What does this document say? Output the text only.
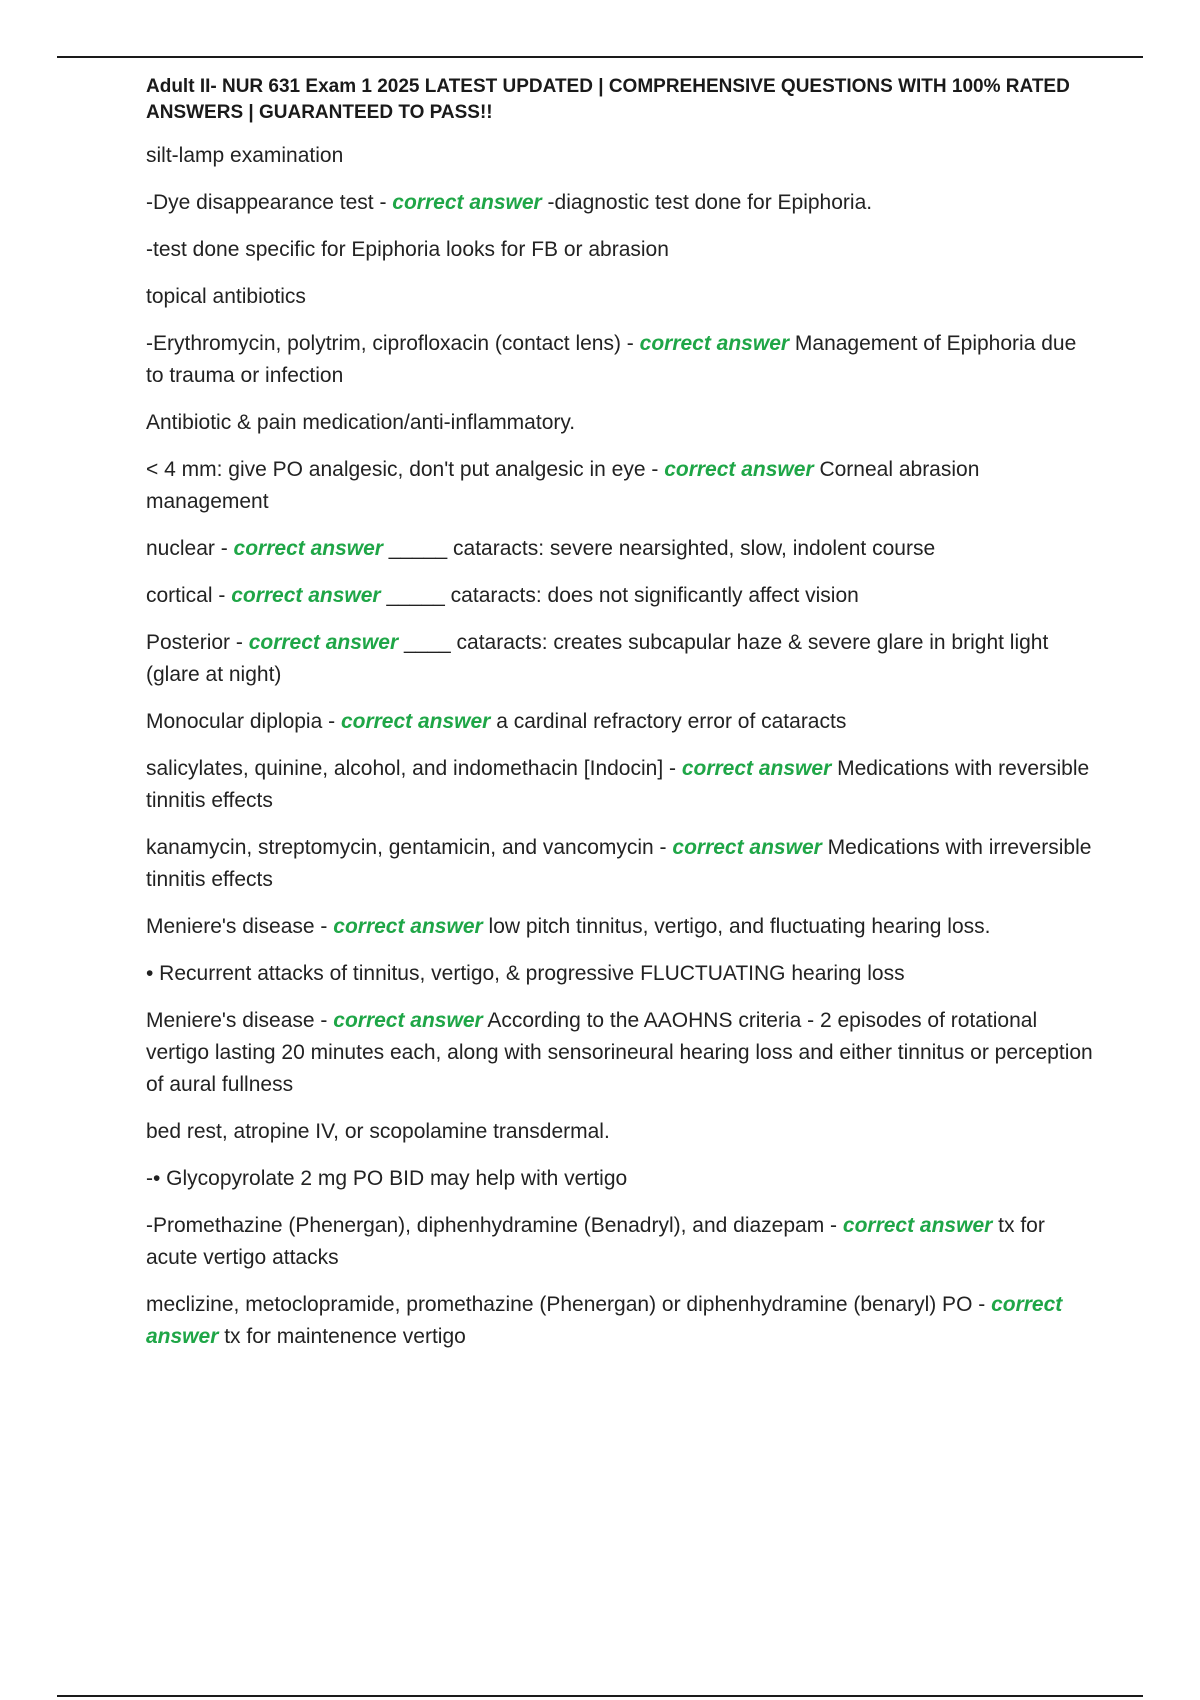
Adult II- NUR 631 Exam 1 2025 LATEST UPDATED | COMPREHENSIVE QUESTIONS WITH 100% RATED ANSWERS | GUARANTEED TO PASS!!

silt-lamp examination

-Dye disappearance test - correct answer -diagnostic test done for Epiphoria.

-test done specific for Epiphoria looks for FB or abrasion

topical antibiotics

-Erythromycin, polytrim, ciprofloxacin (contact lens) - correct answer Management of Epiphoria due to trauma or infection

Antibiotic & pain medication/anti-inflammatory.

< 4 mm: give PO analgesic, don't put analgesic in eye - correct answer Corneal abrasion management

nuclear - correct answer _____ cataracts: severe nearsighted, slow, indolent course

cortical - correct answer _____ cataracts: does not significantly affect vision

Posterior - correct answer ____ cataracts: creates subcapular haze & severe glare in bright light (glare at night)

Monocular diplopia - correct answer a cardinal refractory error of cataracts

salicylates, quinine, alcohol, and indomethacin [Indocin] - correct answer Medications with reversible tinnitis effects

kanamycin, streptomycin, gentamicin, and vancomycin - correct answer Medications with irreversible tinnitis effects

Meniere's disease - correct answer low pitch tinnitus, vertigo, and fluctuating hearing loss.

• Recurrent attacks of tinnitus, vertigo, & progressive FLUCTUATING hearing loss

Meniere's disease - correct answer According to the AAOHNS criteria - 2 episodes of rotational vertigo lasting 20 minutes each, along with sensorineural hearing loss and either tinnitus or perception of aural fullness

bed rest, atropine IV, or scopolamine transdermal.

-• Glycopyrolate 2 mg PO BID may help with vertigo

-Promethazine (Phenergan), diphenhydramine (Benadryl), and diazepam - correct answer tx for acute vertigo attacks

meclizine, metoclopramide, promethazine (Phenergan) or diphenhydramine (benaryl) PO - correct answer tx for maintenence vertigo
